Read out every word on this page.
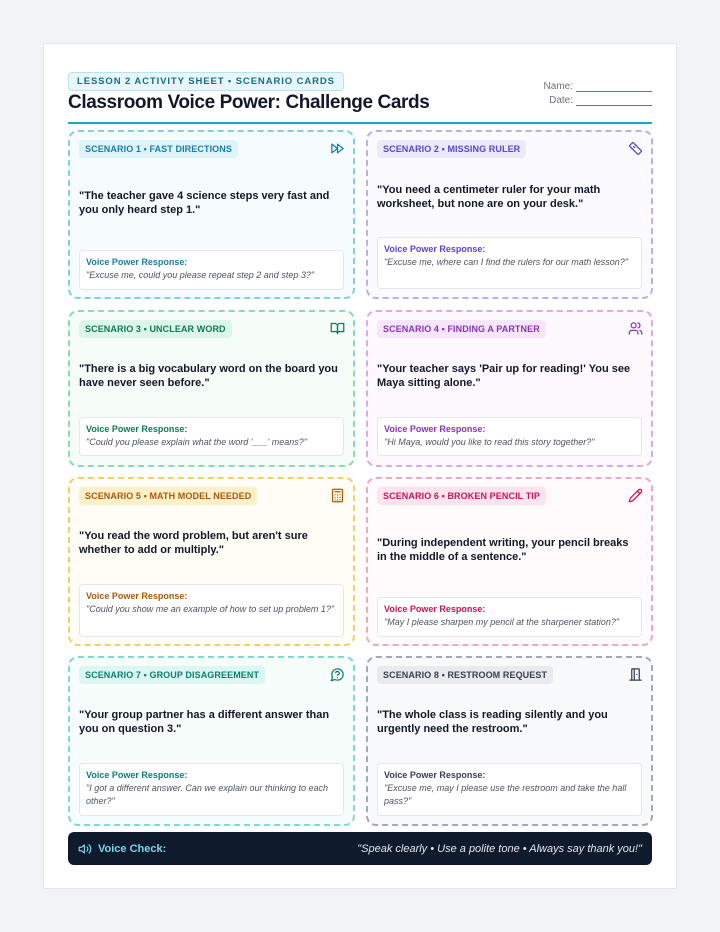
LESSON 2 ACTIVITY SHEET • SCENARIO CARDS
Classroom Voice Power: Challenge Cards
Name:
Date:
SCENARIO 1 • FAST DIRECTIONS
"The teacher gave 4 science steps very fast and you only heard step 1."
Voice Power Response:
"Excuse me, could you please repeat step 2 and step 3?"
SCENARIO 2 • MISSING RULER
"You need a centimeter ruler for your math worksheet, but none are on your desk."
Voice Power Response:
"Excuse me, where can I find the rulers for our math lesson?"
SCENARIO 3 • UNCLEAR WORD
"There is a big vocabulary word on the board you have never seen before."
Voice Power Response:
"Could you please explain what the word '___' means?"
SCENARIO 4 • FINDING A PARTNER
"Your teacher says 'Pair up for reading!' You see Maya sitting alone."
Voice Power Response:
"Hi Maya, would you like to read this story together?"
SCENARIO 5 • MATH MODEL NEEDED
"You read the word problem, but aren't sure whether to add or multiply."
Voice Power Response:
"Could you show me an example of how to set up problem 1?"
SCENARIO 6 • BROKEN PENCIL TIP
"During independent writing, your pencil breaks in the middle of a sentence."
Voice Power Response:
"May I please sharpen my pencil at the sharpener station?"
SCENARIO 7 • GROUP DISAGREEMENT
"Your group partner has a different answer than you on question 3."
Voice Power Response:
"I got a different answer. Can we explain our thinking to each other?"
SCENARIO 8 • RESTROOM REQUEST
"The whole class is reading silently and you urgently need the restroom."
Voice Power Response:
"Excuse me, may I please use the restroom and take the hall pass?"
Voice Check:	"Speak clearly • Use a polite tone • Always say thank you!"
